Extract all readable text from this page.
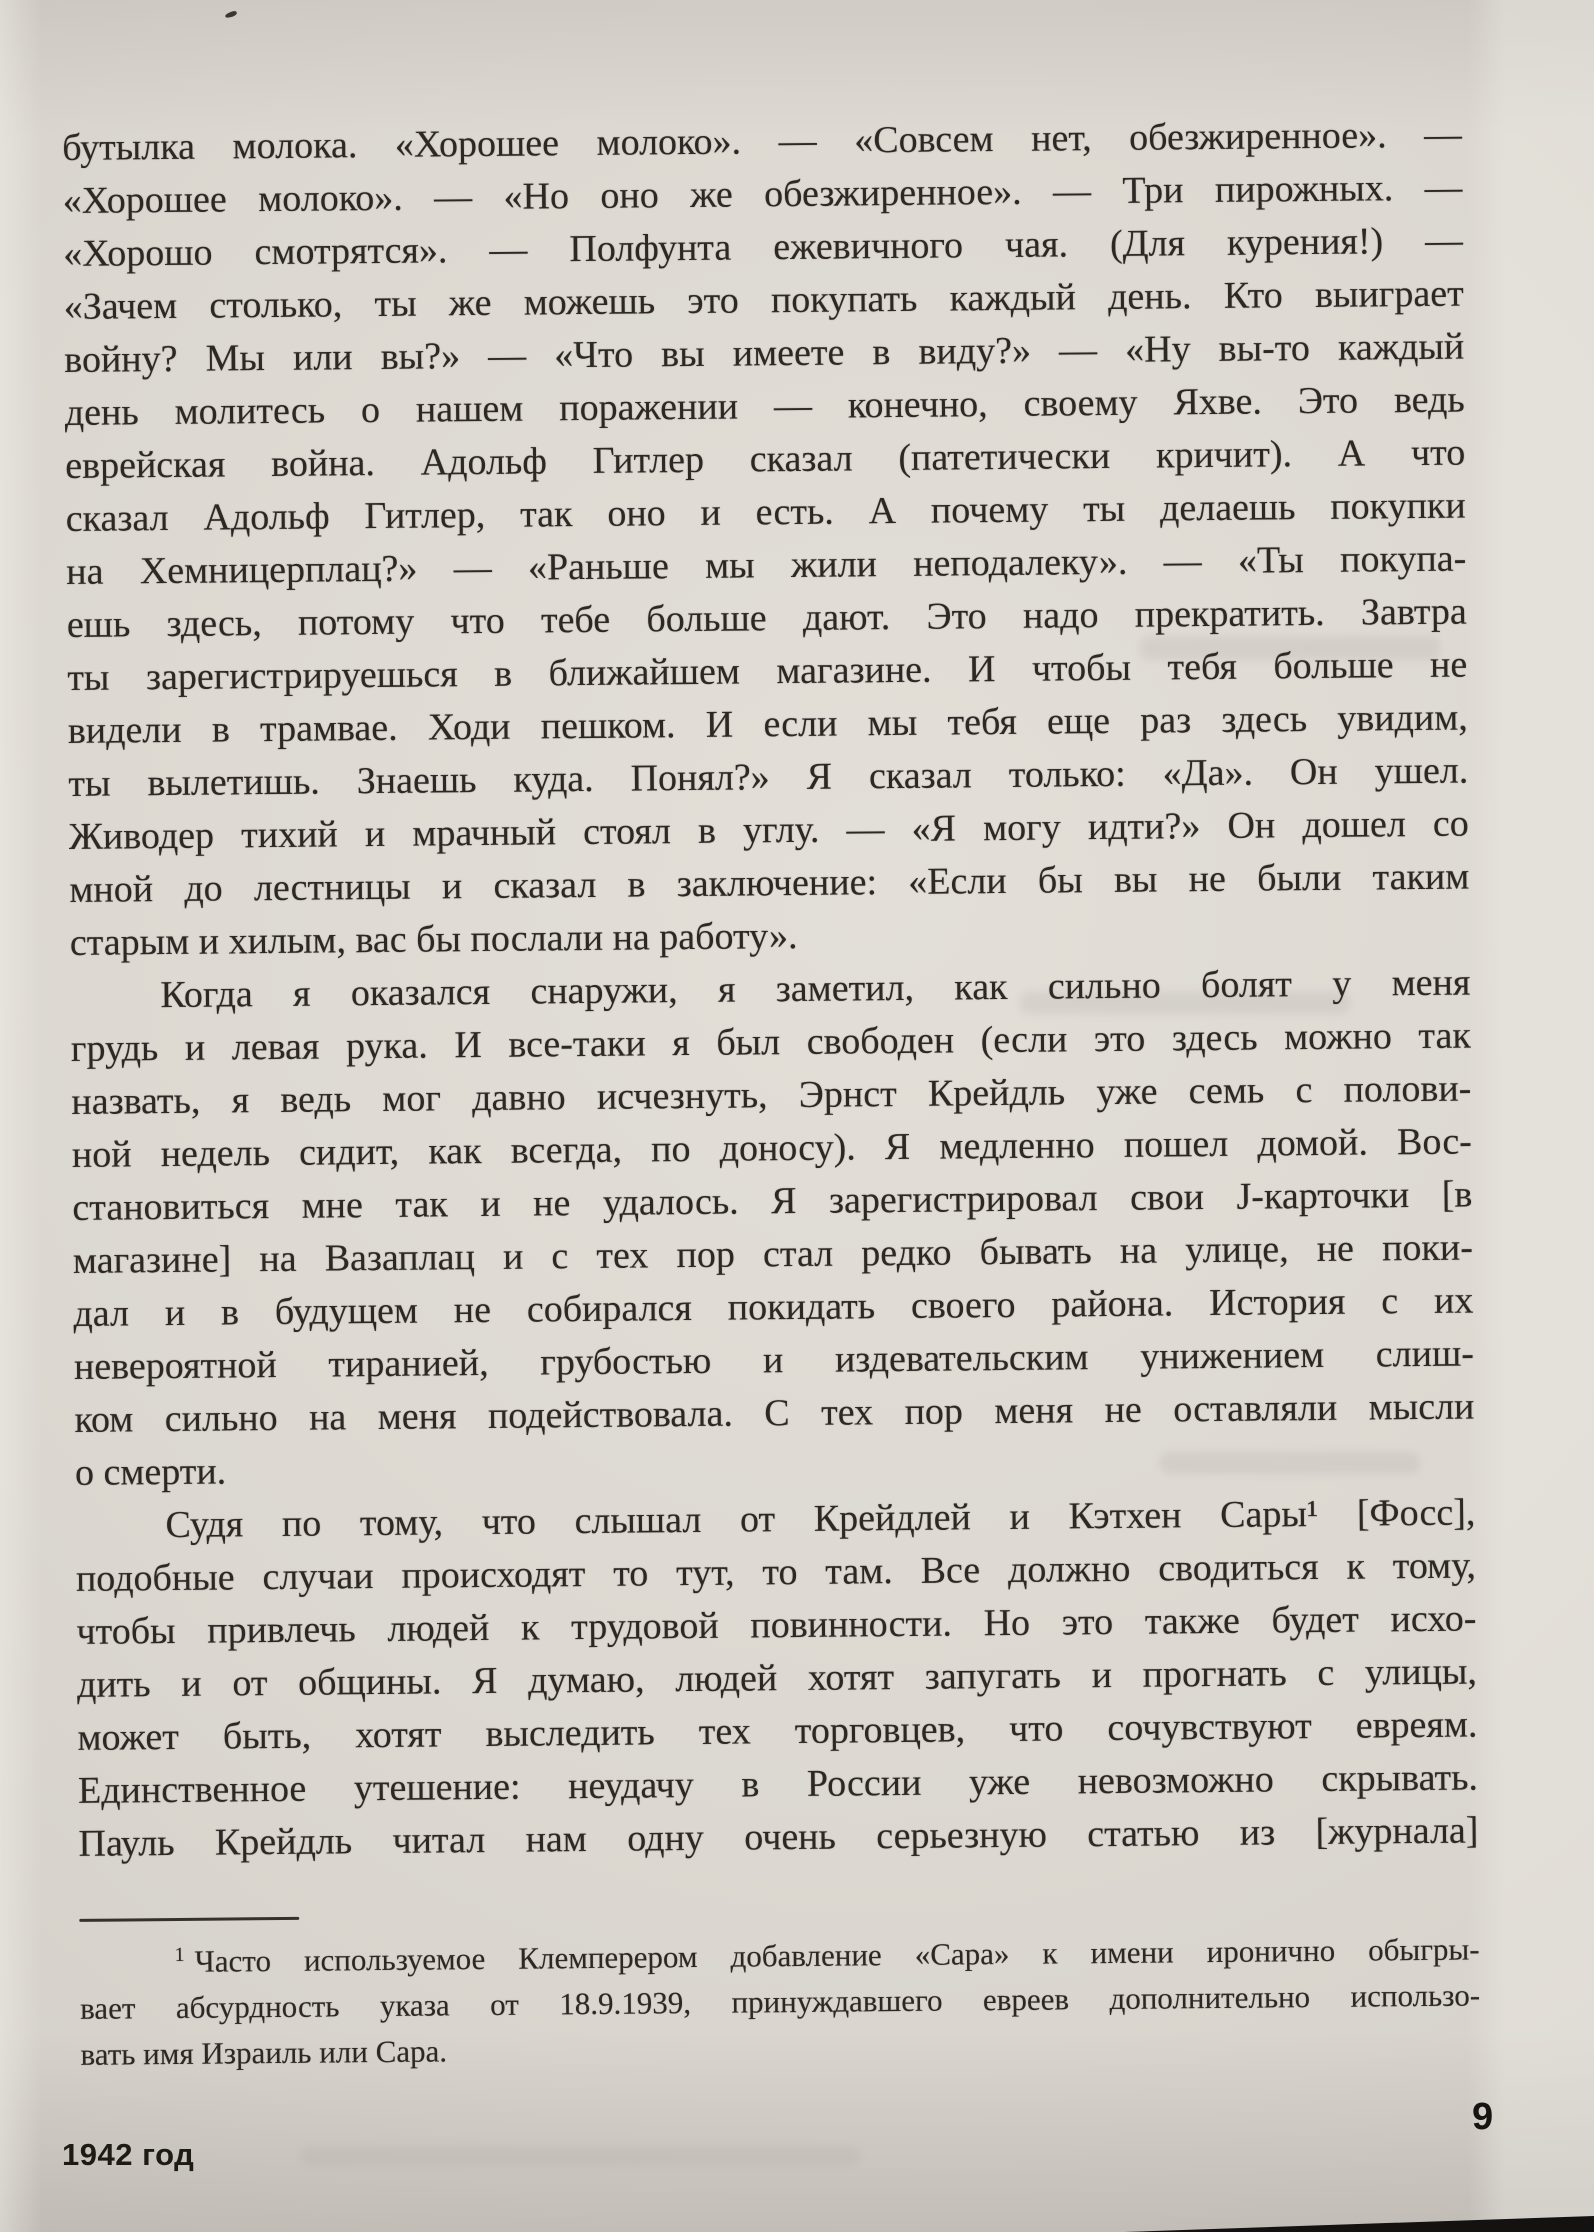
бутылка молока. «Хорошее молоко». — «Совсем нет, обезжиренное». —
«Хорошее молоко». — «Но оно же обезжиренное». — Три пирожных. —
«Хорошо смотрятся». — Полфунта ежевичного чая. (Для курения!) —
«Зачем столько, ты же можешь это покупать каждый день. Кто выиграет
войну? Мы или вы?» — «Что вы имеете в виду?» — «Ну вы-то каждый
день молитесь о нашем поражении — конечно, своему Яхве. Это ведь
еврейская война. Адольф Гитлер сказал (патетически кричит). А что
сказал Адольф Гитлер, так оно и есть. А почему ты делаешь покупки
на Хемницерплац?» — «Раньше мы жили неподалеку». — «Ты покупа-
ешь здесь, потому что тебе больше дают. Это надо прекратить. Завтра
ты зарегистрируешься в ближайшем магазине. И чтобы тебя больше не
видели в трамвае. Ходи пешком. И если мы тебя еще раз здесь увидим,
ты вылетишь. Знаешь куда. Понял?» Я сказал только: «Да». Он ушел.
Живодер тихий и мрачный стоял в углу. — «Я могу идти?» Он дошел со
мной до лестницы и сказал в заключение: «Если бы вы не были таким
старым и хилым, вас бы послали на работу».
Когда я оказался снаружи, я заметил, как сильно болят у меня
грудь и левая рука. И все-таки я был свободен (если это здесь можно так
назвать, я ведь мог давно исчезнуть, Эрнст Крейдль уже семь с полови-
ной недель сидит, как всегда, по доносу). Я медленно пошел домой. Вос-
становиться мне так и не удалось. Я зарегистрировал свои J-карточки [в
магазине] на Вазаплац и с тех пор стал редко бывать на улице, не поки-
дал и в будущем не собирался покидать своего района. История с их
невероятной тиранией, грубостью и издевательским унижением слиш-
ком сильно на меня подействовала. С тех пор меня не оставляли мысли
о смерти.
Судя по тому, что слышал от Крейдлей и Кэтхен Сары¹ [Фосс],
подобные случаи происходят то тут, то там. Все должно сводиться к тому,
чтобы привлечь людей к трудовой повинности. Но это также будет исхо-
дить и от общины. Я думаю, людей хотят запугать и прогнать с улицы,
может быть, хотят выследить тех торговцев, что сочувствуют евреям.
Единственное утешение: неудачу в России уже невозможно скрывать.
Пауль Крейдль читал нам одну очень серьезную статью из [журнала]
$^1$ Часто используемое Клемперером добавление «Сара» к имени иронично обыгры-
вает абсурдность указа от 18.9.1939, принуждавшего евреев дополнительно использо-
вать имя Израиль или Сара.
1942 год
9
